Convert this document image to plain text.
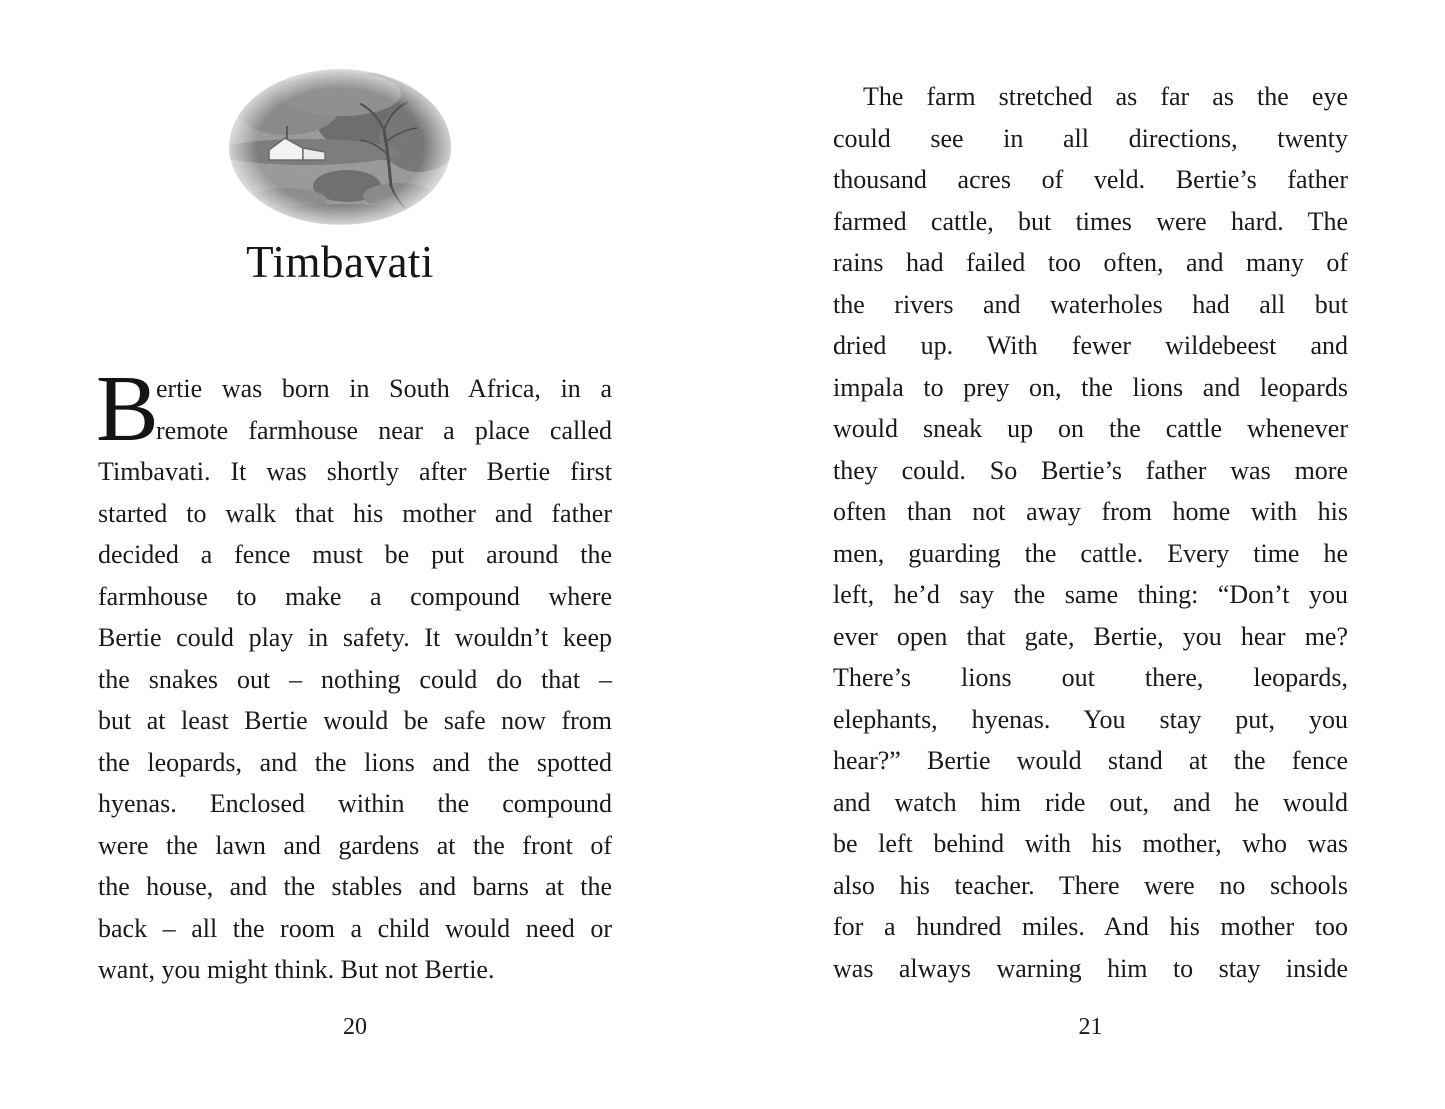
Timbavati
B
ertie was born in South Africa, in a
remote farmhouse near a place called
Timbavati. It was shortly after Bertie first
started to walk that his mother and father
decided a fence must be put around the
farmhouse to make a compound where
Bertie could play in safety. It wouldn’t keep
the snakes out – nothing could do that –
but at least Bertie would be safe now from
the leopards, and the lions and the spotted
hyenas. Enclosed within the compound
were the lawn and gardens at the front of
the house, and the stables and barns at the
back – all the room a child would need or
want, you might think. But not Bertie.
20
The farm stretched as far as the eye
could see in all directions, twenty
thousand acres of veld. Bertie’s father
farmed cattle, but times were hard. The
rains had failed too often, and many of
the rivers and waterholes had all but
dried up. With fewer wildebeest and
impala to prey on, the lions and leopards
would sneak up on the cattle whenever
they could. So Bertie’s father was more
often than not away from home with his
men, guarding the cattle. Every time he
left, he’d say the same thing: “Don’t you
ever open that gate, Bertie, you hear me?
There’s lions out there, leopards,
elephants, hyenas. You stay put, you
hear?” Bertie would stand at the fence
and watch him ride out, and he would
be left behind with his mother, who was
also his teacher. There were no schools
for a hundred miles. And his mother too
was always warning him to stay inside
21
